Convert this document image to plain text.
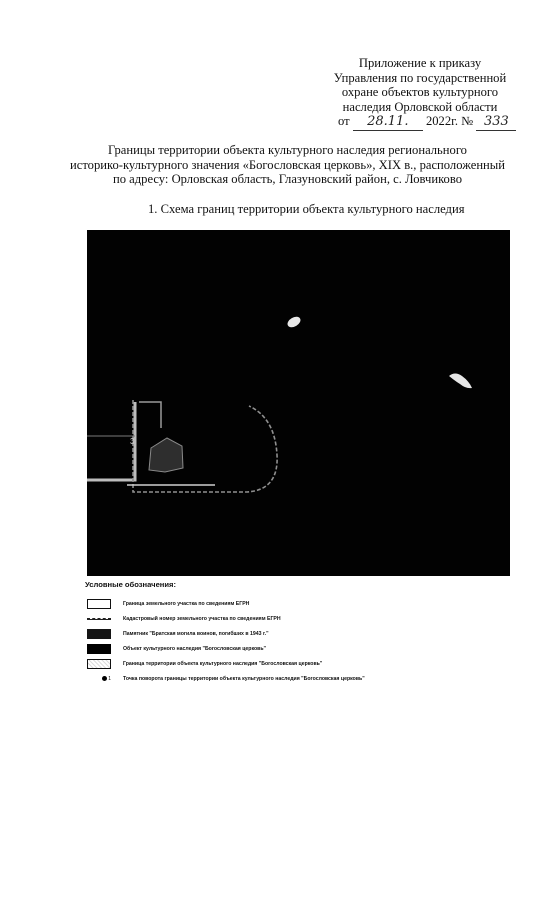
Приложение к приказу
Управления по государственной
охране объектов культурного
наследия Орловской области
от 28.11. 2022г. № 333
Границы территории объекта культурного наследия регионального
историко-культурного значения «Богословская церковь», XIX в., расположенный
по адресу: Орловская область, Глазуновский район, с. Ловчиково
1. Схема границ территории объекта культурного наследия
3
Условные обозначения:
Граница земельного участка по сведениям ЕГРН
Кадастровый номер земельного участка по сведениям ЕГРН
Памятник "Братская могила воинов, погибших в 1943 г."
Объект культурного наследия "Богословская церковь"
Граница территории объекта культурного наследия "Богословская церковь"
1 Точка поворота границы территории объекта культурного наследия "Богословская церковь"
